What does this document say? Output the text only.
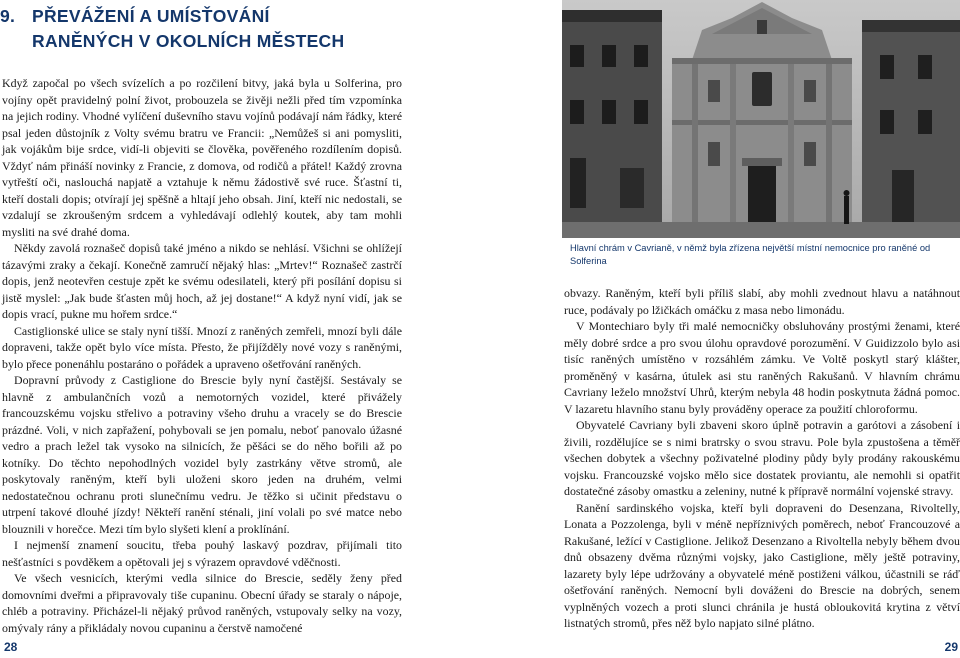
9. PŘEVÁŽENÍ A UMÍSŤOVÁNÍ
RANĚNÝCH V OKOLNÍCH MĚSTECH

Když započal po všech svízelích a po rozčilení bitvy, jaká byla u Solferina, pro vojíny opět pravidelný polní život, probouzela se živěji nežli před tím vzpomínka na jejich rodiny. Vhodné vylíčení duševního stavu vojínů podávají nám řádky, které psal jeden důstojník z Volty svému bratru ve Francii: „Nemůžeš si ani pomysliti, jak vojákům bije srdce, vidí-li objeviti se člověka, pověřeného rozdílením dopisů. Vždyť nám přináší novinky z Francie, z domova, od rodičů a přátel! Každý zrovna vytřeští oči, naslouchá napjatě a vztahuje k němu žádostivě své ruce. Šťastní ti, kteří dostali dopis; otvírají jej spěšně a hltají jeho obsah. Jiní, kteří nic nedostali, se vzdalují se zkroušeným srdcem a vyhledávají odlehlý koutek, aby tam mohli mysliti na své drahé doma.

Někdy zavolá roznašeč dopisů také jméno a nikdo se nehlásí. Všichni se ohlížejí tázavými zraky a čekají. Konečně zamručí nějaký hlas: „Mrtev!“ Roznašeč zastrčí dopis, jenž neotevřen cestuje zpět ke svému odesilateli, který při posílání dopisu si jistě myslel: „Jak bude šťasten můj hoch, až jej dostane!“ A když nyní vidí, jak se dopis vrací, pukne mu hořem srdce.“

Castiglionské ulice se staly nyní tišší. Mnozí z raněných zemřeli, mnozí byli dále dopraveni, takže opět bylo více místa. Přesto, že přijížděly nové vozy s raněnými, bylo přece ponenáhlu postaráno o pořádek a upraveno ošetřování raněných.

Dopravní průvody z Castiglione do Brescie byly nyní častější. Sestávaly se hlavně z ambulančních vozů a nemotorných vozidel, které přivážely francouzskému vojsku střelivo a potraviny všeho druhu a vracely se do Brescie prázdné. Voli, v nich zapřažení, pohybovali se jen pomalu, neboť panovalo úžasné vedro a prach ležel tak vysoko na silnicích, že pěšáci se do něho bořili až po kotníky. Do těchto nepohodlných vozidel byly zastrkány větve stromů, ale poskytovaly raněným, kteří byli uloženi skoro jeden na druhém, velmi nedostatečnou ochranu proti slunečnímu vedru. Je těžko si učinit představu o utrpení takové dlouhé jízdy! Někteří ranění sténali, jiní volali po své matce nebo blouznili v horečce. Mezi tím bylo slyšeti klení a proklínání.

I nejmenší znamení soucitu, třeba pouhý laskavý pozdrav, přijímali tito nešťastníci s povděkem a opětovali jej s výrazem opravdové vděčnosti.

Ve všech vesnicích, kterými vedla silnice do Brescie, seděly ženy před domovními dveřmi a připravovaly tiše cupaninu. Obecní úřady se staraly o nápoje, chléb a potraviny. Přicházel-li nějaký průvod raněných, vstupovaly selky na vozy, omývaly rány a přikládaly novou cupaninu a čerstvě namočené

28
Hlavní chrám v Cavrianě, v němž byla zřízena největší místní nemocnice pro raněné od Solferina

obvazy. Raněným, kteří byli příliš slabí, aby mohli zvednout hlavu a natáhnout ruce, podávaly po lžičkách omáčku z masa nebo limonádu.

V Montechiaro byly tři malé nemocničky obsluhovány prostými ženami, které měly dobré srdce a pro svou úlohu opravdové porozumění. V Guidizzolo bylo asi tisíc raněných umístěno v rozsáhlém zámku. Ve Voltě poskytl starý klášter, proměněný v kasárna, útulek asi stu raněných Rakušanů. V hlavním chrámu Cavriany leželo množství Uhrů, kterým nebyla 48 hodin poskytnuta žádná pomoc. V lazaretu hlavního stanu byly prováděny operace za použití chloroformu.

Obyvatelé Cavriany byli zbaveni skoro úplně potravin a garótovi a zásobení i živili, rozdělujíce se s nimi bratrsky o svou stravu. Pole byla zpustošena a těměř všechen dobytek a všechny poživatelné plodiny půdy byly prodány rakouskému vojsku. Francouzské vojsko mělo sice dostatek proviantu, ale nemohli si opatřit dostatečné zásoby omastku a zeleniny, nutné k přípravě normální vojenské stravy.

Ranění sardinského vojska, kteří byli dopraveni do Desenzana, Rivoltelly, Lonata a Pozzolenga, byli v méně nepříznivých poměrech, neboť Francouzové a Rakušané, ležící v Castiglione. Jelikož Desenzano a Rivoltella nebyly během dvou dnů obsazeny dvěma různými vojsky, jako Castiglione, měly ještě potraviny, lazarety byly lépe udržovány a obyvatelé méně postiženi válkou, účastnili se ráď ošetřování raněných. Nemocní byli dováženi do Brescie na dobrých, senem vyplněných vozech a proti slunci chránila je hustá obloukovitá krytina z větví listnatých stromů, přes něž bylo napjato silné plátno.

29
